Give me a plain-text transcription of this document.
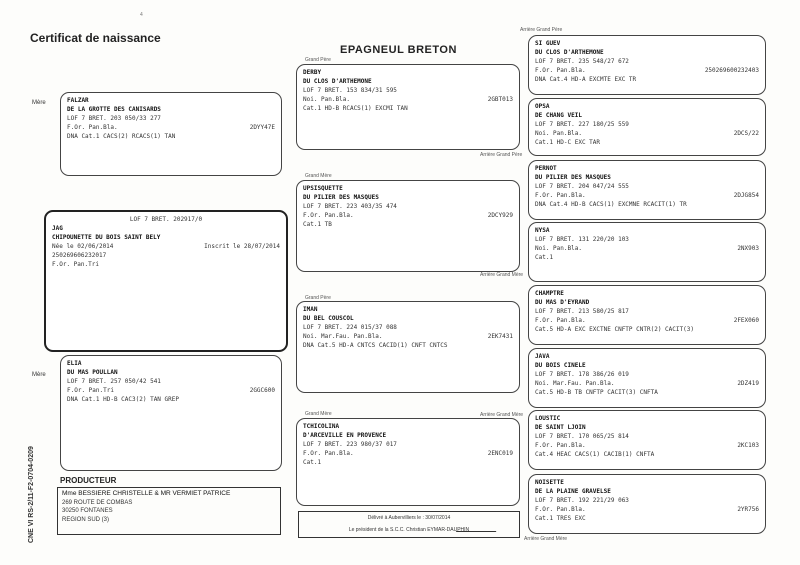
4
Certificat de naissance
EPAGNEUL BRETON
CNE VI RS-2/11-F2-0704-0209
Mère
Mère
FALZAR
DE LA GROTTE DES CANISARDS
LOF 7 BRET. 203 050/33 277
F.Or. Pan.Bla.	2DYY47E
DNA Cat.1 CACS(2) RCACS(1) TAN
LOF 7 BRET. 202917/0
JAG
CHIPOUNETTE DU BOIS SAINT BELY
Née le 02/06/2014	Inscrit le 28/07/2014
250269606232017
F.Or. Pan.Tri
ELIA
DU MAS POULLAN
LOF 7 BRET. 257 050/42 541
F.Or. Pan.Tri	2GGC600
DNA Cat.1 HD-B CAC3(2) TAN GREP
Grand Père
DERBY
DU CLOS D'ARTHEMONE
LOF 7 BRET. 153 834/31 595
Noi. Pan.Bla.	2GBT013
Cat.1 HD-B RCACS(1) EXCMI TAN
Grand Mère
UPSISQUETTE
DU PILIER DES MASQUES
LOF 7 BRET. 223 403/35 474
F.Or. Pan.Bla.	2DCY929
Cat.1 TB
Grand Père
IMAN
DU BEL COUSCOL
LOF 7 BRET. 224 015/37 088
Noi. Mar.Fau. Pan.Bla.	2EK7431
DNA Cat.5 HD-A CNTCS CACID(1) CNFT CNTCS
Grand Mère
TCHICOLINA
D'ARCEVILLE EN PROVENCE
LOF 7 BRET. 223 980/37 017
F.Or. Pan.Bla.	2ENC019
Cat.1
Arrière Grand Père
Arrière Grand Père
Arrière Grand Mère
Arrière Grand Mère
Arrière Grand Mère
SI GUEV
DU CLOS D'ARTHEMONE
LOF 7 BRET. 235 548/27 672
F.Or. Pan.Bla.	250269600232403
DNA Cat.4 HD-A EXCMTE EXC TR
OPSA
DE CHANG VEIL
LOF 7 BRET. 227 180/25 559
Noi. Pan.Bla.	2DCS/22
Cat.1 HD-C EXC TAR
PERNOT
DU PILIER DES MASQUES
LOF 7 BRET. 204 047/24 555
F.Or. Pan.Bla.	2DJG854
DNA Cat.4 HD-B CACS(1) EXCMNE RCACIT(1) TR
NYSA
LOF 7 BRET. 131 220/20 103
Noi. Pan.Bla.	2NX903
Cat.1
CHAMPTRE
DU MAS D'EYRAND
LOF 7 BRET. 213 580/25 817
F.Or. Pan.Bla.	2FEX060
Cat.5 HD-A EXC EXCTNE CNFTP CNTR(2) CACIT(3)
JAVA
DU BOIS CINELE
LOF 7 BRET. 178 386/26 019
Noi. Mar.Fau. Pan.Bla.	2DZ419
Cat.5 HD-B TB CNFTP CACIT(3) CNFTA
LOUSTIC
DE SAINT LJOIN
LOF 7 BRET. 170 065/25 814
F.Or. Pan.Bla.	2KC103
Cat.4 HEAC CACS(1) CACIB(1) CNFTA
NOISETTE
DE LA PLAINE GRAVELSE
LOF 7 BRET. 192 221/29 063
F.Or. Pan.Bla.	2YR756
Cat.1 TRES EXC
PRODUCTEUR
Mme BESSIERE CHRISTELLE & MR VERMIET PATRICE
269 ROUTE DE COMBAS
30250 FONTANES
REGION SUD (3)	Délivré à Aubervilliers le : 30/07/2014
Le président de la S.C.C. Christian EYMAR-DAUPHIN
